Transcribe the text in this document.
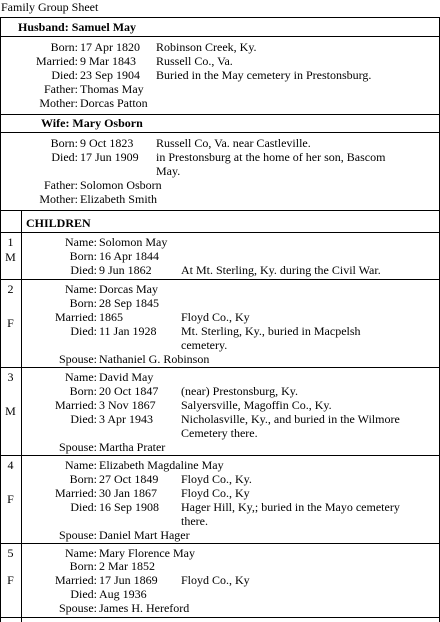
Family Group Sheet
Husband: Samuel May
Born: 17 Apr 1820 Robinson Creek, Ky.
Married: 9 Mar 1843 Russell Co., Va.
Died: 23 Sep 1904 Buried in the May cemetery in Prestonsburg.
Father: Thomas May
Mother: Dorcas Patton
Wife: Mary Osborn
Born: 9 Oct 1823 Russell Co, Va. near Castleville.
Died: 17 Jun 1909 in Prestonsburg at the home of her son, Bascom
May.
Father: Solomon Osborn
Mother: Elizabeth Smith
CHILDREN
1
M
Name: Solomon May
Born: 16 Apr 1844
Died: 9 Jun 1862 At Mt. Sterling, Ky. during the Civil War.
2
F
Name: Dorcas May
Born: 28 Sep 1845
Married: 1865	Floyd Co., Ky
Died: 11 Jan 1928 Mt. Sterling, Ky., buried in Macpelsh
cemetery.
Spouse: Nathaniel G. Robinson
3
M
Name: David May
Born: 20 Oct 1847 (near) Prestonsburg, Ky.
Married: 3 Nov 1867 Salyersville, Magoffin Co., Ky.
Died: 3 Apr 1943 Nicholasville, Ky., and buried in the Wilmore
Cemetery there.
Spouse: Martha Prater
4
F
Name: Elizabeth Magdaline May
Born: 27 Oct 1849 Floyd Co., Ky.
Married: 30 Jan 1867 Floyd Co., Ky
Died: 16 Sep 1908 Hager Hill, Ky,; buried in the Mayo cemetery
there.
Spouse: Daniel Mart Hager
5
F
Name: Mary Florence May
Born: 2 Mar 1852
Married: 17 Jun 1869 Floyd Co., Ky
Died: Aug 1936
Spouse: James H. Hereford
